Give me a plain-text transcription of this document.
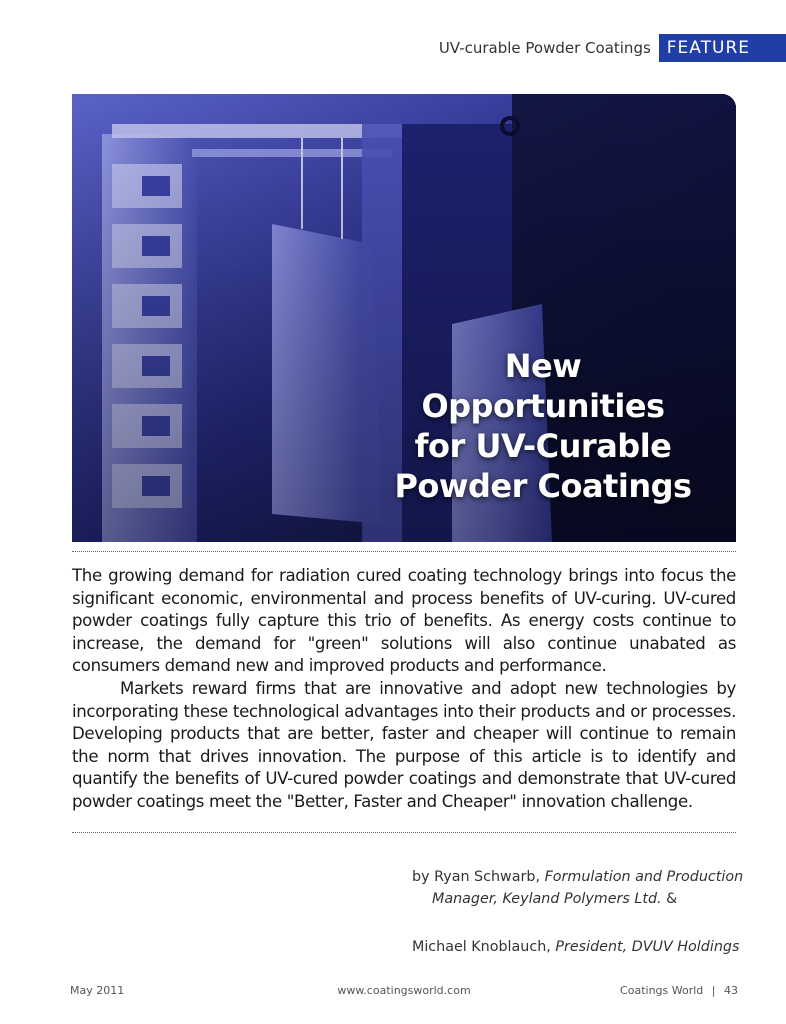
UV-curable Powder Coatings FEATURE
New
Opportunities
for UV-Curable
Powder Coatings

The growing demand for radiation cured coating technology brings into focus the significant economic, environmental and process benefits of UV-curing. UV-cured powder coatings fully capture this trio of benefits. As energy costs continue to increase, the demand for "green" solutions will also continue unabated as consumers demand new and improved products and performance.

Markets reward firms that are innovative and adopt new technologies by incorporating these technological advantages into their products and or processes. Developing products that are better, faster and cheaper will continue to remain the norm that drives innovation. The purpose of this article is to identify and quantify the benefits of UV-cured powder coatings and demonstrate that UV-cured powder coatings meet the "Better, Faster and Cheaper" innovation challenge.

by Ryan Schwarb, Formulation and Production

Manager, Keyland Polymers Ltd. &

Michael Knoblauch, President, DVUV Holdings

May 2011	www.coatingsworld.com	Coatings World | 43
